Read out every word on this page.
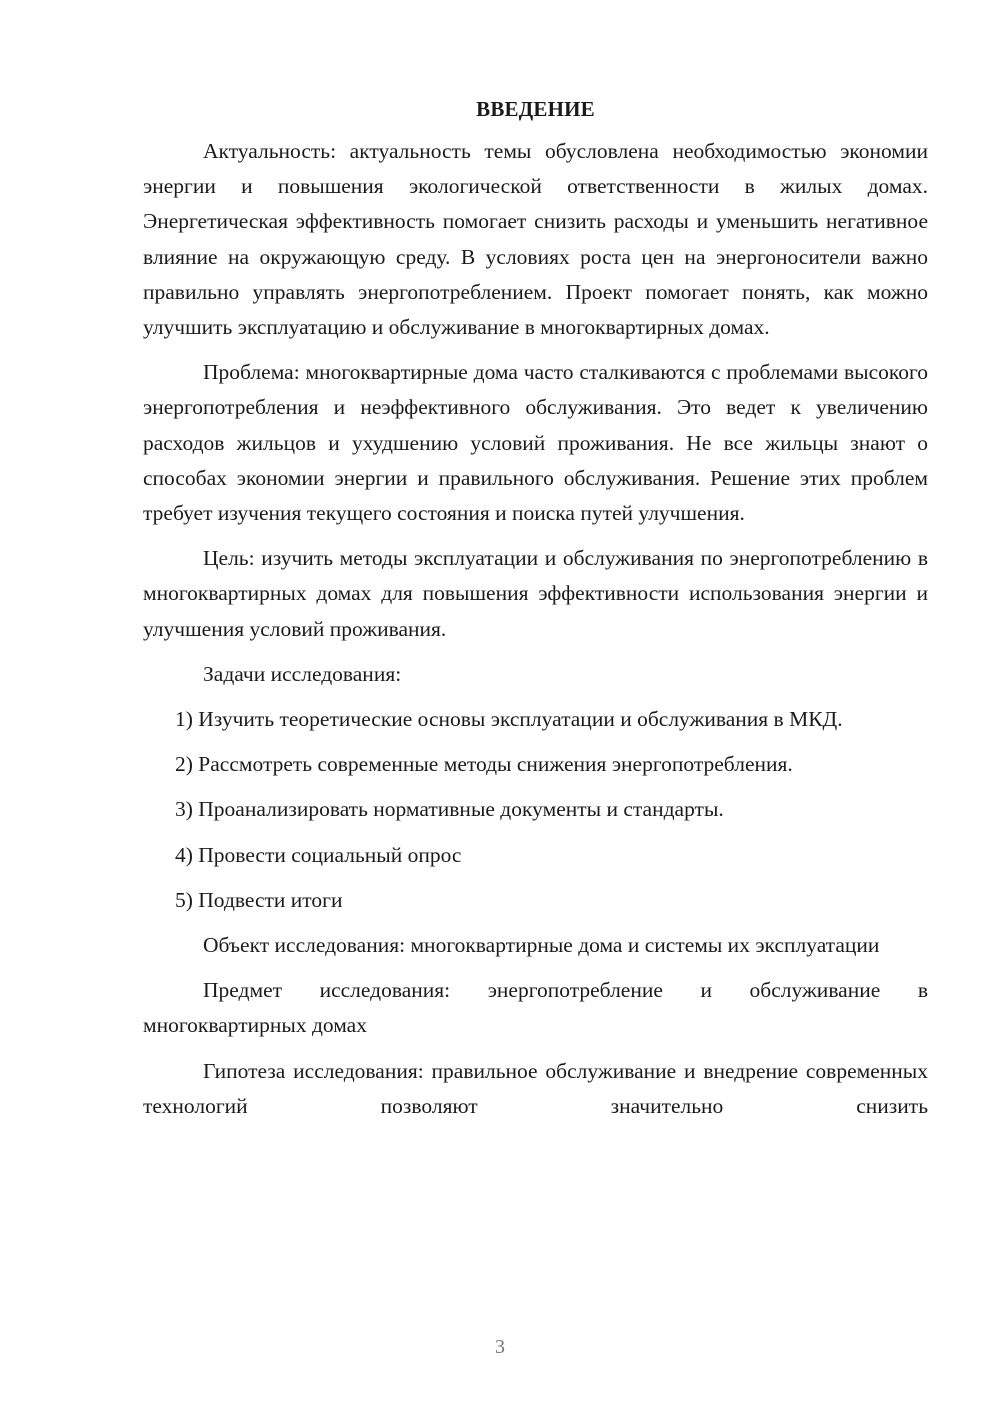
ВВЕДЕНИЕ

Актуальность: актуальность темы обусловлена необходимостью экономии энергии и повышения экологической ответственности в жилых домах. Энергетическая эффективность помогает снизить расходы и уменьшить негативное влияние на окружающую среду. В условиях роста цен на энергоносители важно правильно управлять энергопотреблением. Проект помогает понять, как можно улучшить эксплуатацию и обслуживание в многоквартирных домах.

Проблема: многоквартирные дома часто сталкиваются с проблемами высокого энергопотребления и неэффективного обслуживания. Это ведет к увеличению расходов жильцов и ухудшению условий проживания. Не все жильцы знают о способах экономии энергии и правильного обслуживания. Решение этих проблем требует изучения текущего состояния и поиска путей улучшения.

Цель: изучить методы эксплуатации и обслуживания по энергопотреблению в многоквартирных домах для повышения эффективности использования энергии и улучшения условий проживания.

Задачи исследования:

1) Изучить теоретические основы эксплуатации и обслуживания в МКД.

2) Рассмотреть современные методы снижения энергопотребления.

3) Проанализировать нормативные документы и стандарты.

4) Провести социальный опрос

5) Подвести итоги

Объект исследования: многоквартирные дома и системы их эксплуатации

Предмет исследования: энергопотребление и обслуживание в многоквартирных домах

Гипотеза исследования: правильное обслуживание и внедрение современных технологий позволяют значительно снизить

3
